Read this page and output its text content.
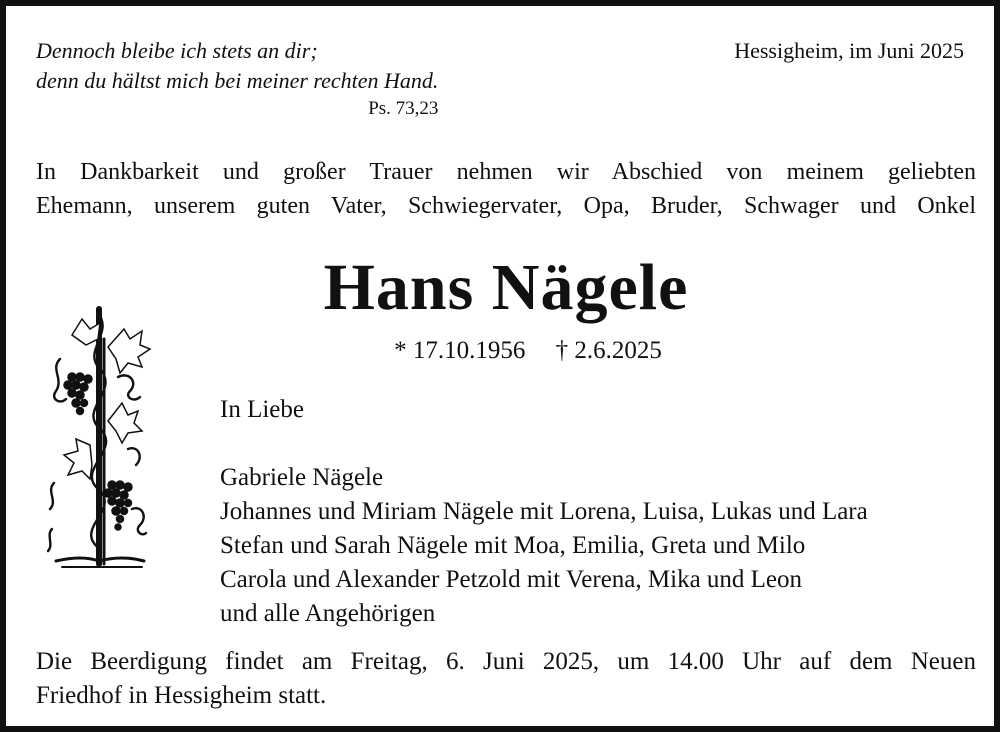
Dennoch bleibe ich stets an dir;
denn du hältst mich bei meiner rechten Hand.
Ps. 73,23
Hessigheim, im Juni 2025
In Dankbarkeit und großer Trauer nehmen wir Abschied von meinem geliebten
Ehemann, unserem guten Vater, Schwiegervater, Opa, Bruder, Schwager und Onkel
Hans Nägele
* 17.10.1956 † 2.6.2025
In Liebe
Gabriele Nägele
Johannes und Miriam Nägele mit Lorena, Luisa, Lukas und Lara
Stefan und Sarah Nägele mit Moa, Emilia, Greta und Milo
Carola und Alexander Petzold mit Verena, Mika und Leon
und alle Angehörigen
Die Beerdigung findet am Freitag, 6. Juni 2025, um 14.00 Uhr auf dem Neuen
Friedhof in Hessigheim statt.
